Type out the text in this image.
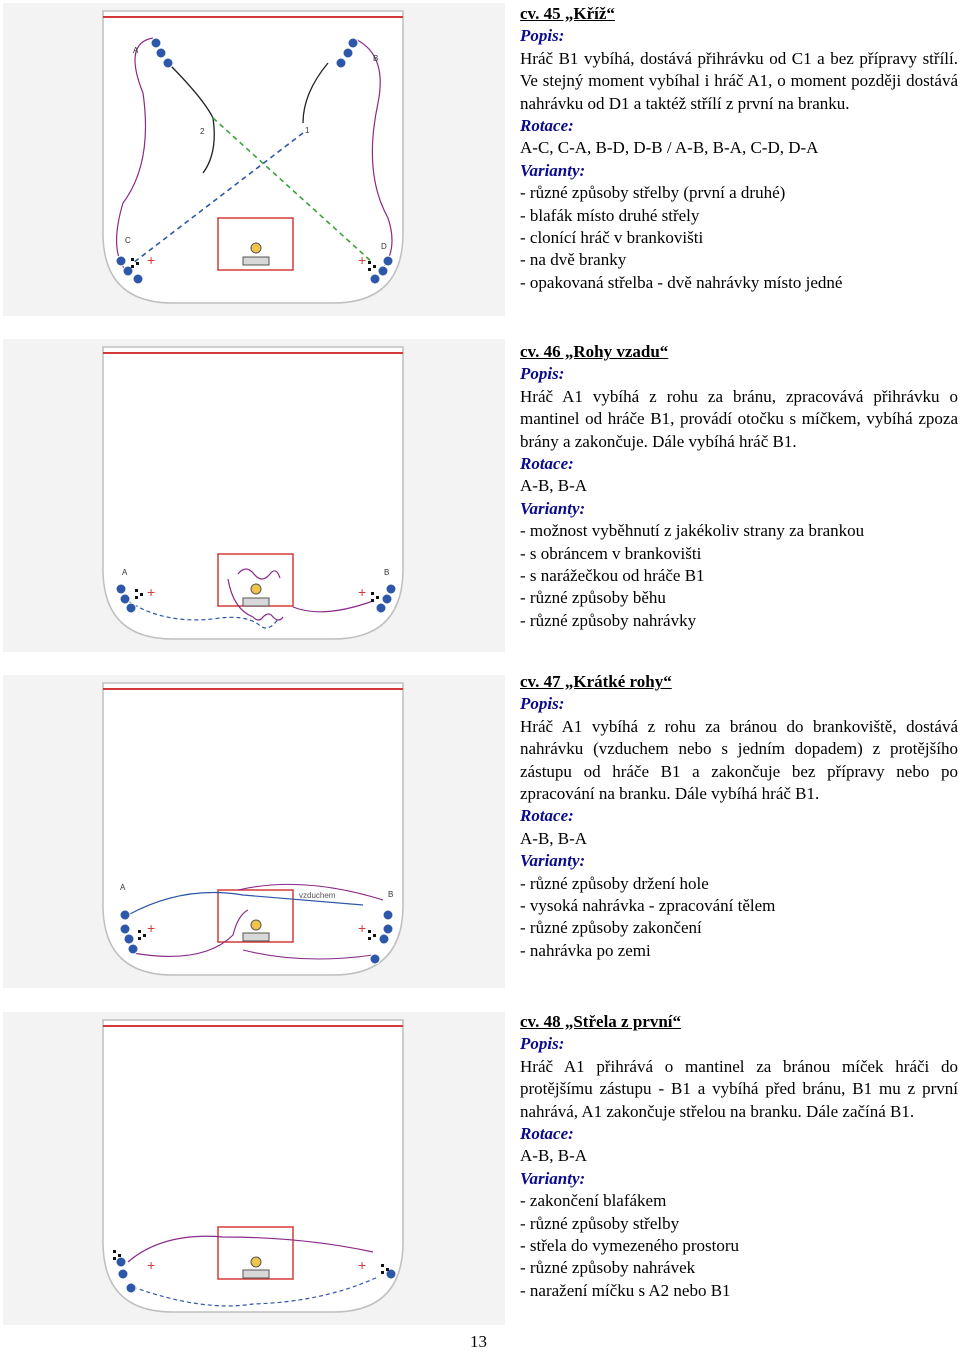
+	+
A
B
C
D
2	1
+	+
A	B
+	+
vzduchem
A
B
+	+

cv. 45 „Kříž“

Popis:

Hráč B1 vybíhá, dostává přihrávku od C1 a bez přípravy střílí. Ve stejný moment vybíhal i hráč A1, o moment později dostává nahrávku od D1 a taktéž střílí z první na branku.

Rotace:

A-C, C-A, B-D, D-B / A-B, B-A, C-D, D-A

Varianty:

- různé způsoby střelby (první a druhé)

- blafák místo druhé střely

- clonící hráč v brankovišti

- na dvě branky

- opakovaná střelba - dvě nahrávky místo jedné

cv. 46 „Rohy vzadu“

Popis:

Hráč A1 vybíhá z rohu za bránu, zpracovává přihrávku o mantinel od hráče B1, provádí otočku s míčkem, vybíhá zpoza brány a zakončuje. Dále vybíhá hráč B1.

Rotace:

A-B, B-A

Varianty:

- možnost vyběhnutí z jakékoliv strany za brankou

- s obráncem v brankovišti

- s narážečkou od hráče B1

- různé způsoby běhu

- různé způsoby nahrávky

cv. 47 „Krátké rohy“

Popis:

Hráč A1 vybíhá z rohu za bránou do brankoviště, dostává nahrávku (vzduchem nebo s jedním dopadem) z protějšího zástupu od hráče B1 a zakončuje bez přípravy nebo po zpracování na branku. Dále vybíhá hráč B1.

Rotace:

A-B, B-A

Varianty:

- různé způsoby držení hole

- vysoká nahrávka - zpracování tělem

- různé způsoby zakončení

- nahrávka po zemi

cv. 48 „Střela z první“

Popis:

Hráč A1 přihrává o mantinel za bránou míček hráči do protějšímu zástupu - B1 a vybíhá před bránu, B1 mu z první nahrává, A1 zakončuje střelou na branku. Dále začíná B1.

Rotace:

A-B, B-A

Varianty:

- zakončení blafákem

- různé způsoby střelby

- střela do vymezeného prostoru

- různé způsoby nahrávek

- naražení míčku s A2 nebo B1

13
